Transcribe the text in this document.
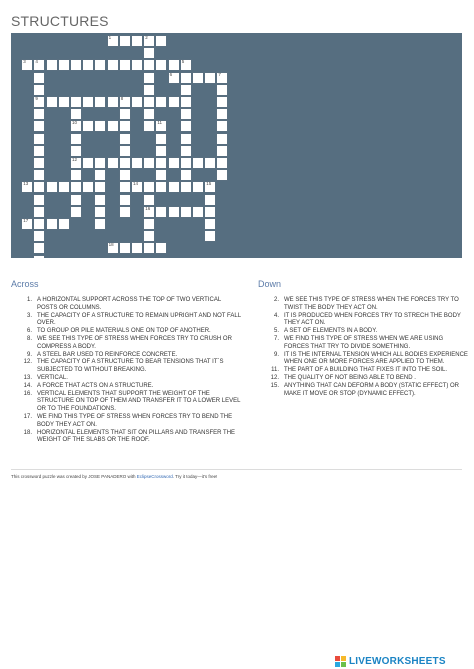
STRUCTURES
1	2
3 4
9
5
6	7
8
10
12
11
13	14	15
16
17
18
Across	Down
1. A HORIZONTAL SUPPORT ACROSS THE TOP OF TWO VERTICAL POSTS OR COLUMNS.
3. THE CAPACITY OF A STRUCTURE TO REMAIN UPRIGHT AND NOT FALL OVER.
6. TO GROUP OR PILE MATERIALS ONE ON TOP OF ANOTHER.
8. WE SEE THIS TYPE OF STRESS WHEN FORCES TRY TO CRUSH OR COMPRESS A BODY.
9. A STEEL BAR USED TO REINFORCE CONCRETE.
12. THE CAPACITY OF A STRUCTURE TO BEAR TENSIONS THAT IT´S SUBJECTED TO WITHOUT BREAKING.
13. VERTICAL.
14. A FORCE THAT ACTS ON A STRUCTURE.
16. VERTICAL ELEMENTS THAT SUPPORT THE WEIGHT OF THE STRUCTURE ON TOP OF THEM AND TRANSFER IT TO A LOWER LEVEL OR TO THE FOUNDATIONS.
17. WE FIND THIS TYPE OF STRESS WHEN FORCES TRY TO BEND THE BODY THEY ACT ON.
18. HORIZONTAL ELEMENTS THAT SIT ON PILLARS AND TRANSFER THE WEIGHT OF THE SLABS OR THE ROOF.
2. WE SEE THIS TYPE OF STRESS WHEN THE FORCES TRY TO TWIST THE BODY THEY ACT ON.
4. IT IS PRODUCED WHEN FORCES TRY TO STRECH THE BODY THEY ACT ON.
5. A SET OF ELEMENTS IN A BODY.
7. WE FIND THIS TYPE OF STRESS WHEN WE ARE USING FORCES THAT TRY TO DIVIDE SOMETHING.
9. IT IS THE INTERNAL TENSION WHICH ALL BODIES EXPERIENCE WHEN ONE OR MORE FORCES ARE APPLIED TO THEM.
11. THE PART OF A BUILDING THAT FIXES IT INTO THE SOIL.
12. THE QUALITY OF NOT BEING ABLE TO BEND .
15. ANYTHING THAT CAN DEFORM A BODY (STATIC EFFECT) OR MAKE IT MOVE OR STOP (DYNAMIC EFFECT).
This crossword puzzle was created by JOSE PANADERO with EclipseCrossword. Try it today—it's free!
LIVEWORKSHEETS
